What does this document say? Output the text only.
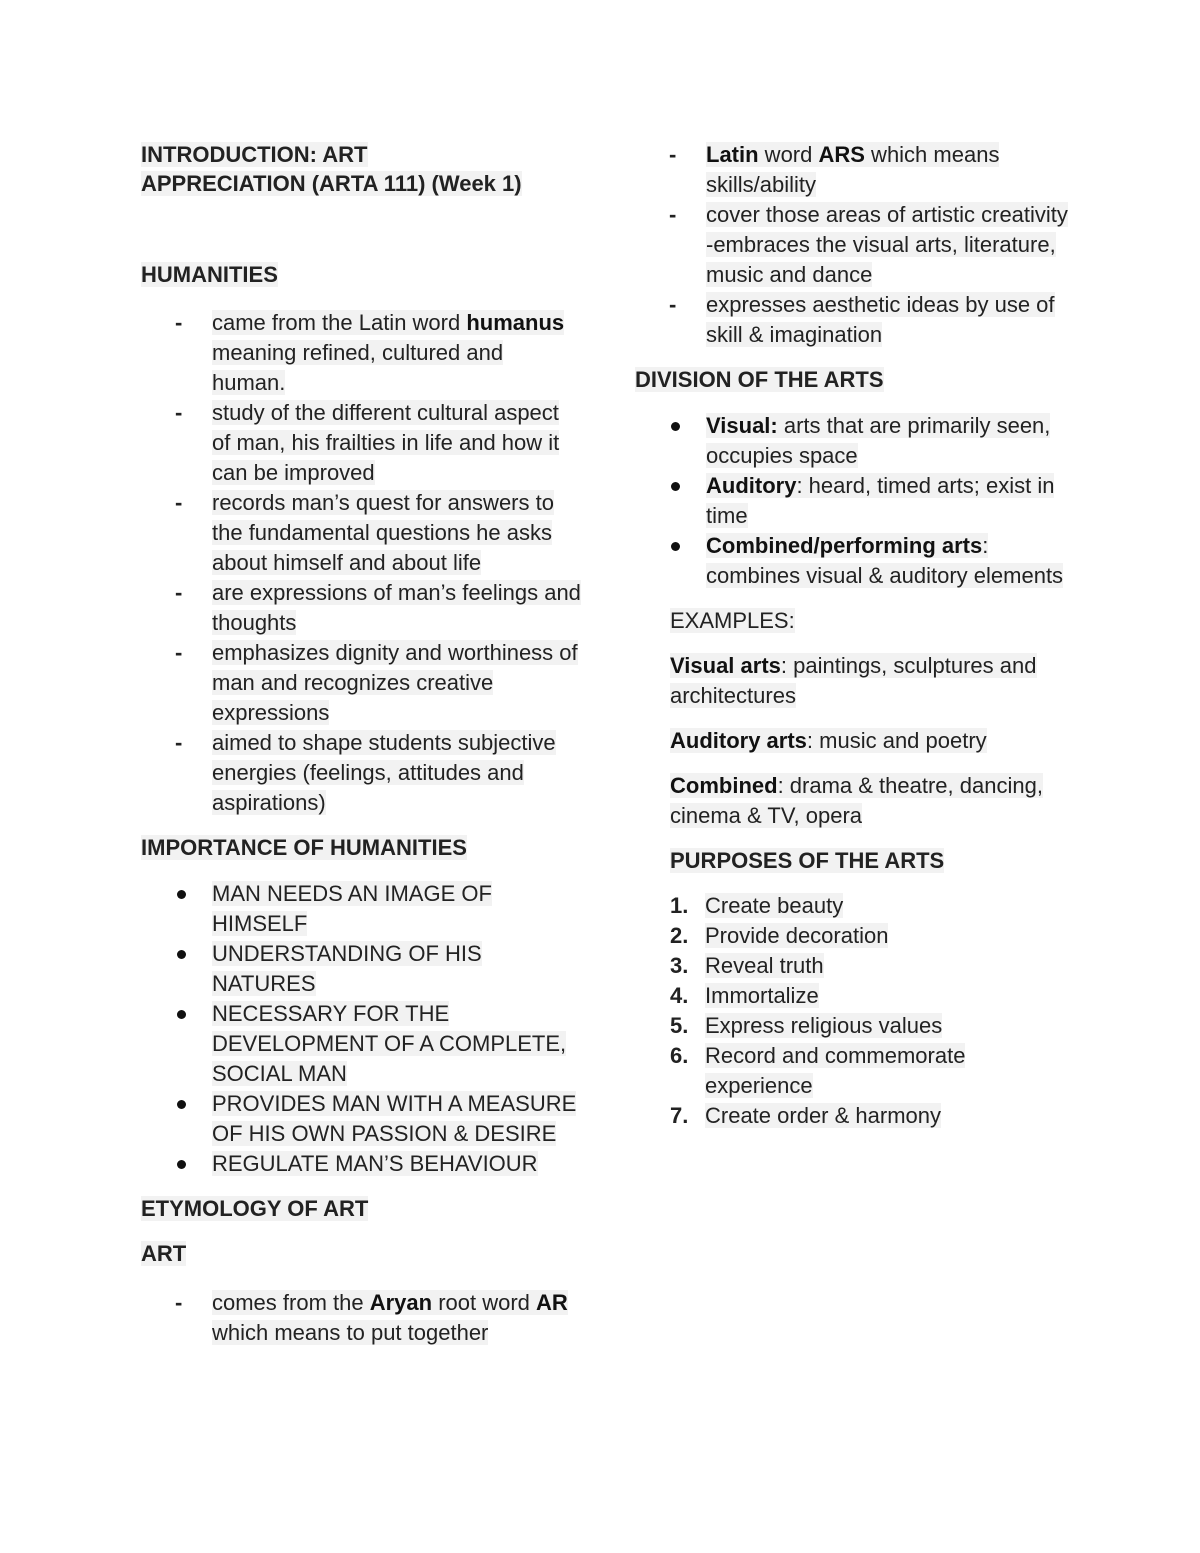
INTRODUCTION: ART
APPRECIATION (ARTA 111) (Week 1)

HUMANITIES

-	came from the Latin word humanus meaning refined, cultured and human.
-	study of the different cultural aspect of man, his frailties in life and how it can be improved
-	records man’s quest for answers to the fundamental questions he asks about himself and about life
-	are expressions of man’s feelings and thoughts
-	emphasizes dignity and worthiness of man and recognizes creative expressions
-	aimed to shape students subjective energies (feelings, attitudes and aspirations)

IMPORTANCE OF HUMANITIES

MAN NEEDS AN IMAGE OF HIMSELF
UNDERSTANDING OF HIS NATURES
NECESSARY FOR THE DEVELOPMENT OF A COMPLETE, SOCIAL MAN
PROVIDES MAN WITH A MEASURE OF HIS OWN PASSION & DESIRE
REGULATE MAN’S BEHAVIOUR

ETYMOLOGY OF ART

ART

-	comes from the Aryan root word AR which means to put together
-	Latin word ARS which means skills/ability
-	cover those areas of artistic creativity -embraces the visual arts, literature, music and dance
-	expresses aesthetic ideas by use of skill & imagination

DIVISION OF THE ARTS

Visual: arts that are primarily seen, occupies space
Auditory: heard, timed arts; exist in time
Combined/performing arts: combines visual & auditory elements

EXAMPLES:

Visual arts: paintings, sculptures and architectures

Auditory arts: music and poetry

Combined: drama & theatre, dancing, cinema & TV, opera

PURPOSES OF THE ARTS

1. Create beauty
2. Provide decoration
3. Reveal truth
4. Immortalize
5. Express religious values
6. Record and commemorate experience
7. Create order & harmony
